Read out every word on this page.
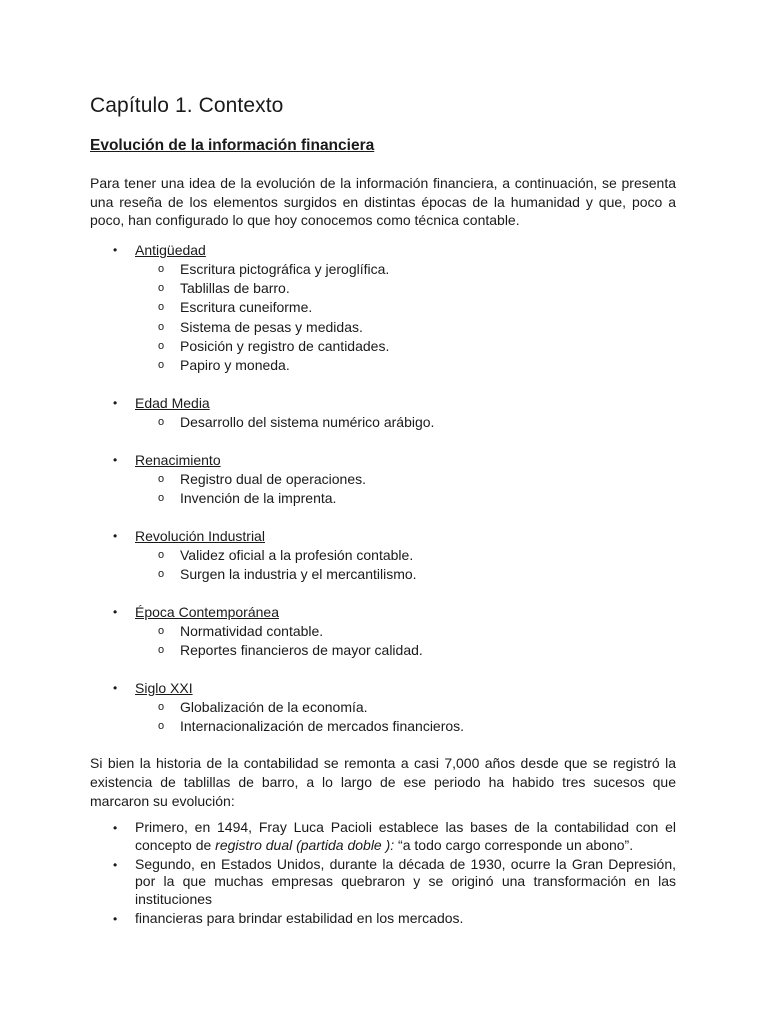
Capítulo 1. Contexto
Evolución de la información financiera

Para tener una idea de la evolución de la información financiera, a continuación, se presenta una reseña de los elementos surgidos en distintas épocas de la humanidad y que, poco a poco, han configurado lo que hoy conocemos como técnica contable.

• Antigüedad
o Escritura pictográfica y jeroglífica.
o Tablillas de barro.
o Escritura cuneiforme.
o Sistema de pesas y medidas.
o Posición y registro de cantidades.
o Papiro y moneda.
• Edad Media
o Desarrollo del sistema numérico arábigo.
• Renacimiento
o Registro dual de operaciones.
o Invención de la imprenta.
• Revolución Industrial
o Validez oficial a la profesión contable.
o Surgen la industria y el mercantilismo.
• Época Contemporánea
o Normatividad contable.
o Reportes financieros de mayor calidad.
• Siglo XXI
o Globalización de la economía.
o Internacionalización de mercados financieros.

Si bien la historia de la contabilidad se remonta a casi 7,000 años desde que se registró la existencia de tablillas de barro, a lo largo de ese periodo ha habido tres sucesos que marcaron su evolución:

• Primero, en 1494, Fray Luca Pacioli establece las bases de la contabilidad con el concepto de registro dual (partida doble ): “a todo cargo corresponde un abono”.
• Segundo, en Estados Unidos, durante la década de 1930, ocurre la Gran Depresión, por la que muchas empresas quebraron y se originó una transformación en las instituciones
• financieras para brindar estabilidad en los mercados.
